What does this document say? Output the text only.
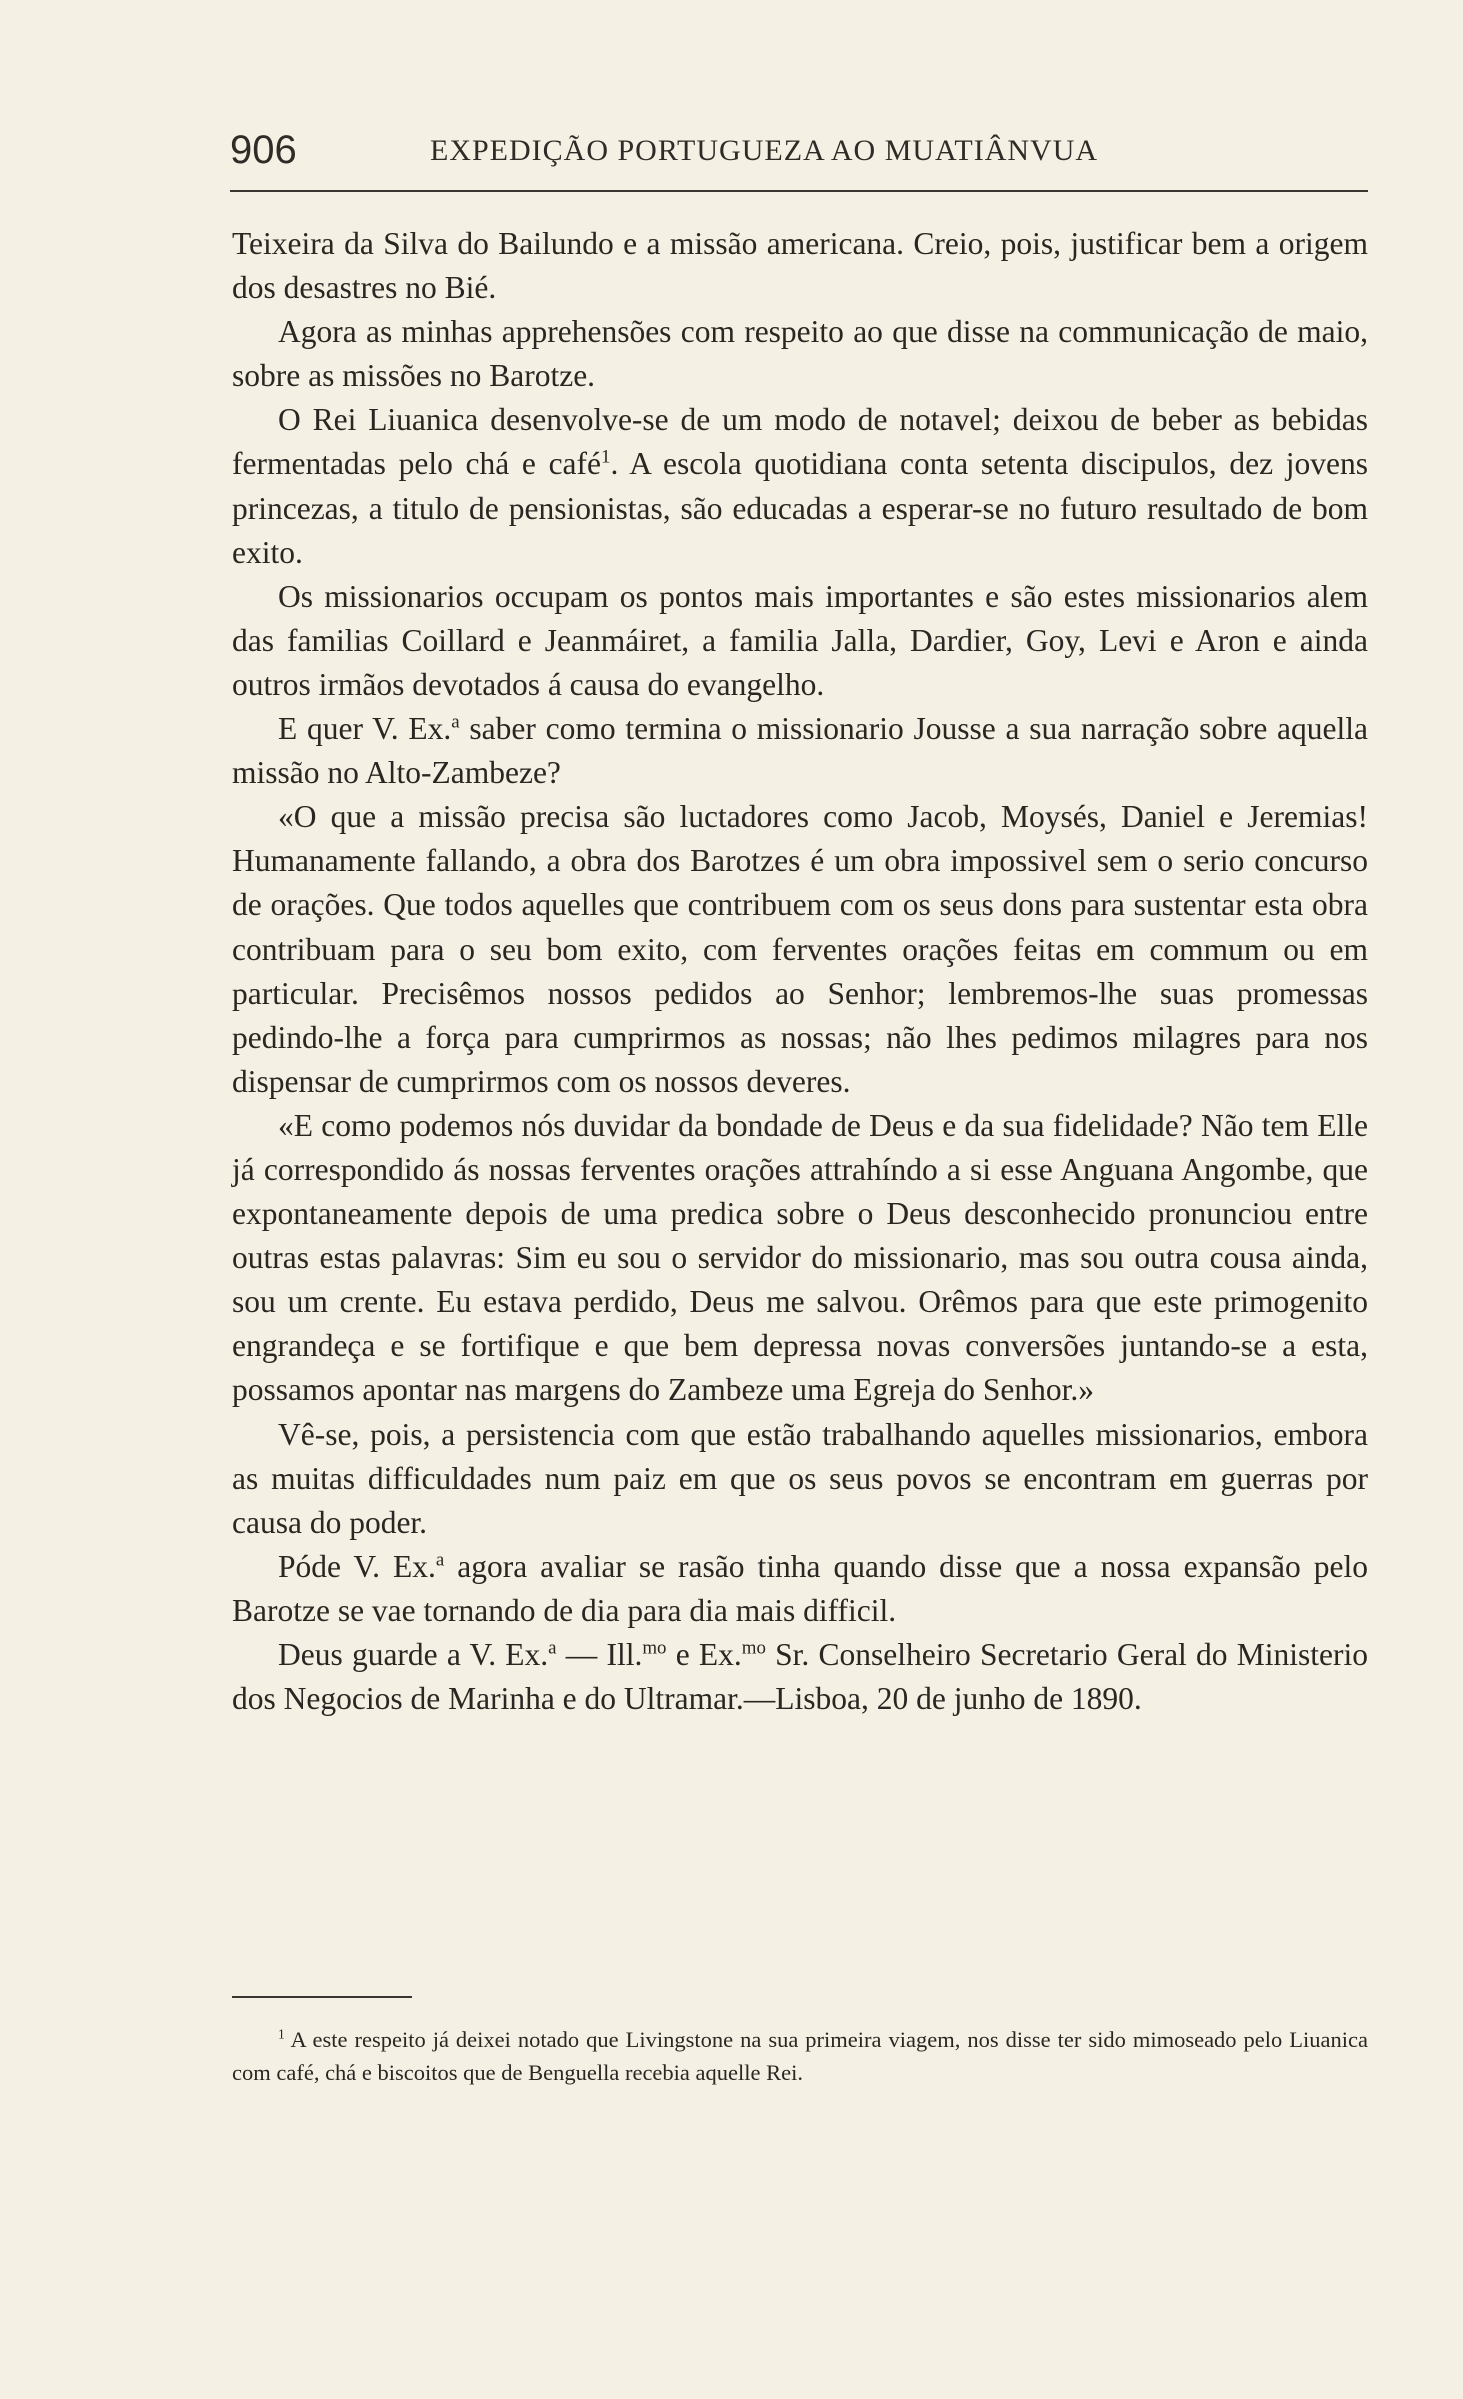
906	EXPEDIÇÃO PORTUGUEZA AO MUATIÂNVUA

Teixeira da Silva do Bailundo e a missão americana. Creio, pois, justificar bem a origem dos desastres no Bié.

Agora as minhas apprehensões com respeito ao que disse na communicação de maio, sobre as missões no Barotze.

O Rei Liuanica desenvolve-se de um modo de notavel; deixou de beber as bebidas fermentadas pelo chá e café$^1$. A escola quotidiana conta setenta discipulos, dez jovens princezas, a titulo de pensionistas, são educadas a esperar-se no futuro resultado de bom exito.

Os missionarios occupam os pontos mais importantes e são estes missionarios alem das familias Coillard e Jeanmáiret, a familia Jalla, Dardier, Goy, Levi e Aron e ainda outros irmãos devotados á causa do evangelho.

E quer V. Ex.$^a$ saber como termina o missionario Jousse a sua narração sobre aquella missão no Alto-Zambeze?

«O que a missão precisa são luctadores como Jacob, Moysés, Daniel e Jeremias! Humanamente fallando, a obra dos Barotzes é um obra impossivel sem o serio concurso de orações. Que todos aquelles que contribuem com os seus dons para sustentar esta obra contribuam para o seu bom exito, com ferventes orações feitas em commum ou em particular. Precisêmos nossos pedidos ao Senhor; lembremos-lhe suas promessas pedindo-lhe a força para cumprirmos as nossas; não lhes pedimos milagres para nos dispensar de cumprirmos com os nossos deveres.

«E como podemos nós duvidar da bondade de Deus e da sua fidelidade? Não tem Elle já correspondido ás nossas ferventes orações attrahíndo a si esse Anguana Angombe, que expontaneamente depois de uma predica sobre o Deus desconhecido pronunciou entre outras estas palavras: Sim eu sou o servidor do missionario, mas sou outra cousa ainda, sou um crente. Eu estava perdido, Deus me salvou. Orêmos para que este primogenito engrandeça e se fortifique e que bem depressa novas conversões juntando-se a esta, possamos apontar nas margens do Zambeze uma Egreja do Senhor.»

Vê-se, pois, a persistencia com que estão trabalhando aquelles missionarios, embora as muitas difficuldades num paiz em que os seus povos se encontram em guerras por causa do poder.

Póde V. Ex.$^a$ agora avaliar se rasão tinha quando disse que a nossa expansão pelo Barotze se vae tornando de dia para dia mais difficil.

Deus guarde a V. Ex.$^a$ — Ill.$^{mo}$ e Ex.$^{mo}$ Sr. Conselheiro Secretario Geral do Ministerio dos Negocios de Marinha e do Ultramar.—Lisboa, 20 de junho de 1890.

$^1$ A este respeito já deixei notado que Livingstone na sua primeira viagem, nos disse ter sido mimoseado pelo Liuanica com café, chá e biscoitos que de Benguella recebia aquelle Rei.
